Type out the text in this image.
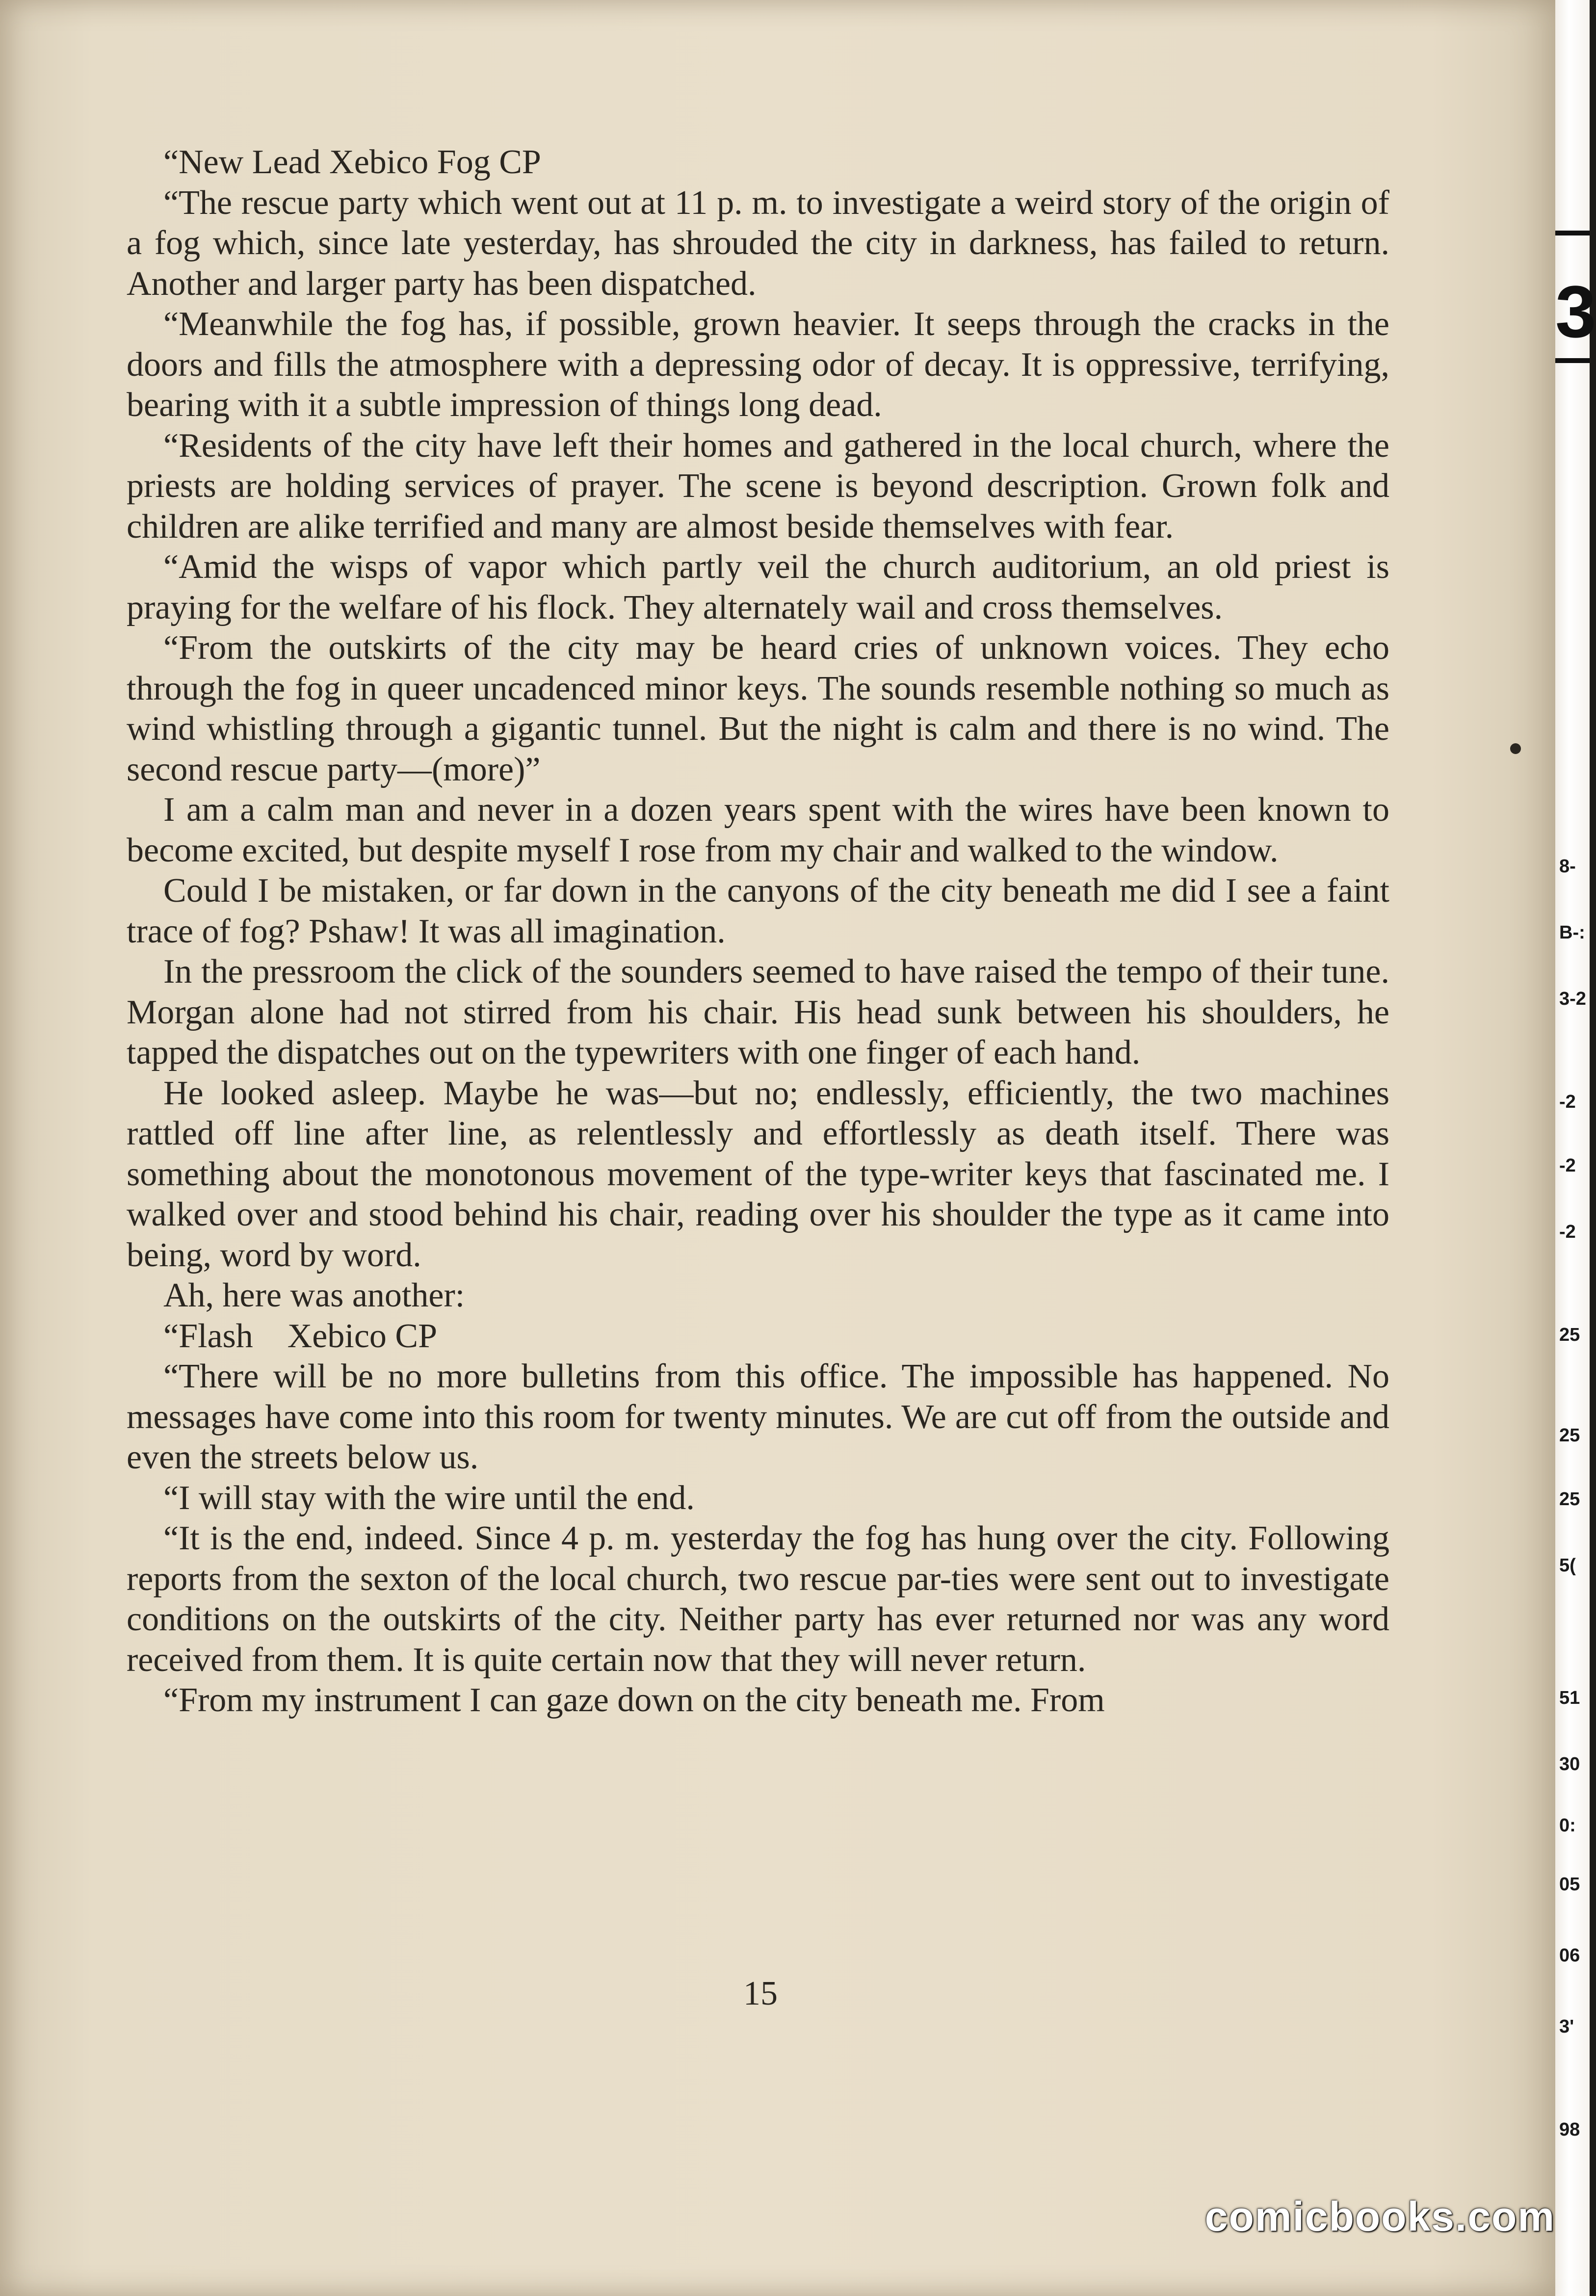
“New Lead Xebico Fog CP

“The rescue party which went out at 11 p. m. to investigate a weird story of the origin of a fog which, since late yesterday, has shrouded the city in darkness, has failed to return. Another and larger party has been dispatched.

“Meanwhile the fog has, if possible, grown heavier. It seeps through the cracks in the doors and fills the atmosphere with a depressing odor of decay. It is oppressive, terrifying, bearing with it a subtle impression of things long dead.

“Residents of the city have left their homes and gathered in the local church, where the priests are holding services of prayer. The scene is beyond description. Grown folk and children are alike terrified and many are almost beside themselves with fear.

“Amid the wisps of vapor which partly veil the church auditorium, an old priest is praying for the welfare of his flock. They alternately wail and cross themselves.

“From the outskirts of the city may be heard cries of unknown voices. They echo through the fog in queer uncadenced minor keys. The sounds resemble nothing so much as wind whistling through a gigantic tunnel. But the night is calm and there is no wind. The second rescue party—(more)”

I am a calm man and never in a dozen years spent with the wires have been known to become excited, but despite myself I rose from my chair and walked to the window.

Could I be mistaken, or far down in the canyons of the city beneath me did I see a faint trace of fog? Pshaw! It was all imagination.

In the pressroom the click of the sounders seemed to have raised the tempo of their tune. Morgan alone had not stirred from his chair. His head sunk between his shoulders, he tapped the dispatches out on the typewriters with one finger of each hand.

He looked asleep. Maybe he was—but no; endlessly, efficiently, the two machines rattled off line after line, as relentlessly and effortlessly as death itself. There was something about the monotonous movement of the type-writer keys that fascinated me. I walked over and stood behind his chair, reading over his shoulder the type as it came into being, word by word.

Ah, here was another:

“Flash    Xebico CP

“There will be no more bulletins from this office. The impossible has happened. No messages have come into this room for twenty minutes. We are cut off from the outside and even the streets below us.

“I will stay with the wire until the end.

“It is the end, indeed. Since 4 p. m. yesterday the fog has hung over the city. Following reports from the sexton of the local church, two rescue par-ties were sent out to investigate conditions on the outskirts of the city. Neither party has ever returned nor was any word received from them. It is quite certain now that they will never return.

“From my instrument I can gaze down on the city beneath me. From

15
3
8-
B-:
3-2
-2
-2
-2
25
25
25
5(
51
30
0:
05
06
3'
98
comicbooks.com
